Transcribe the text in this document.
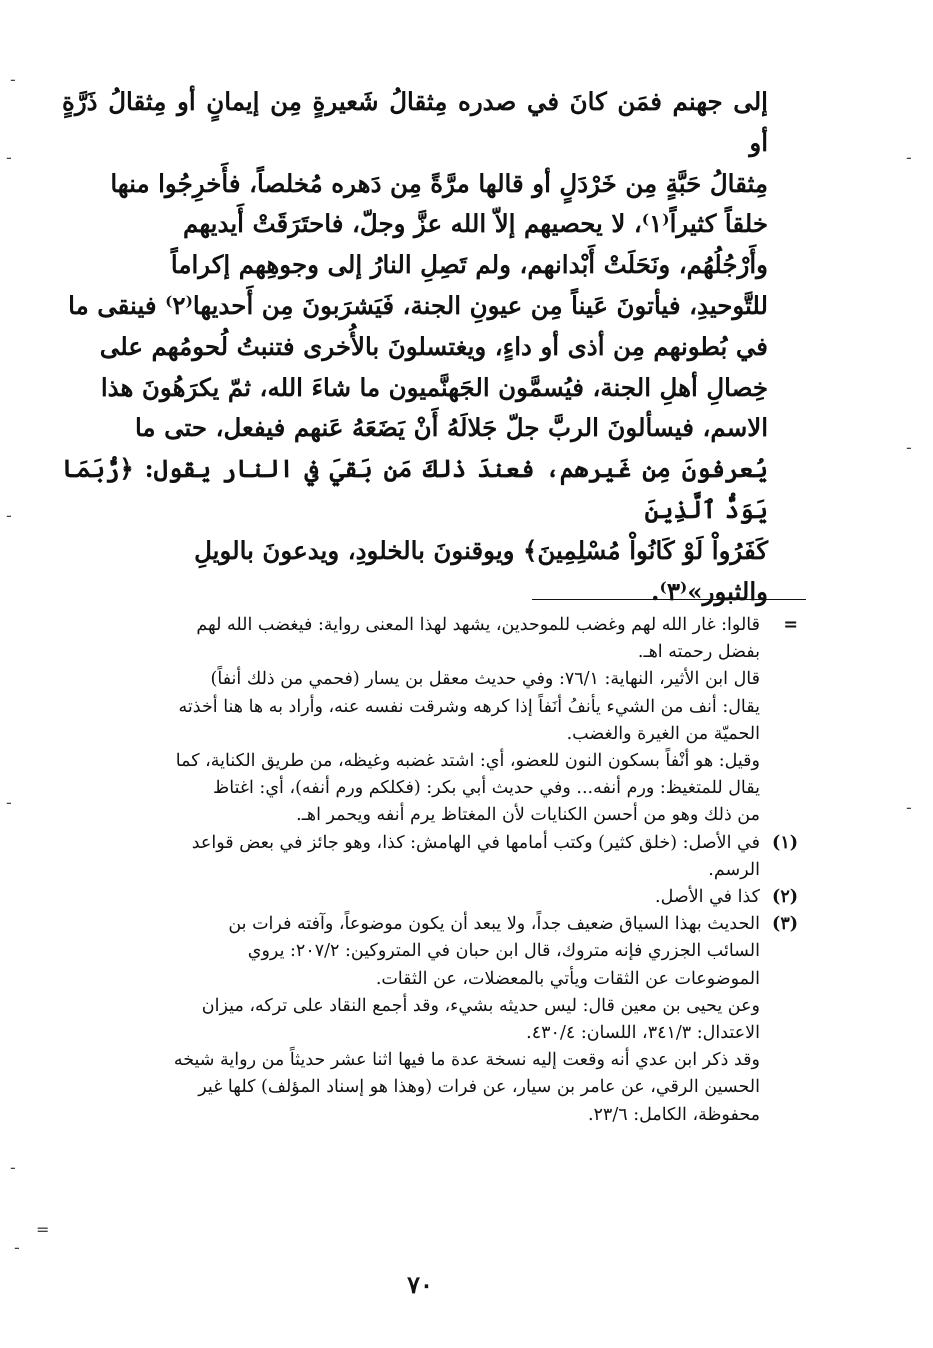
إلى جهنم فمَن كانَ في صدره مِثقالُ شَعيرةٍ مِن إيمانٍ أو مِثقالُ ذَرَّةٍ أو

مِثقالُ حَبَّةٍ مِن خَرْدَلٍ أو قالها مرَّةً مِن دَهره مُخلصاً، فأَخرِجُوا منها

خلقاً كثيراً⁽١⁾، لا يحصيهم إلاّ الله عزَّ وجلّ، فاحتَرَقَتْ أَيديهم

وأَرْجُلُهُم، ونَحَلَتْ أَبْدانهم، ولم تَصِلِ النارُ إلى وجوهِهم إكراماً

للتَّوحيدِ، فيأتونَ عَيناً مِن عيونِ الجنة، فَيَشرَبونَ مِن أَحديها⁽٢⁾ فينقى ما

في بُطونهم مِن أذى أو داءٍ، ويغتسلونَ بالأُخرى فتنبتُ لُحومُهم على

خِصالِ أهلِ الجنة، فيُسمَّون الجَهنَّميون ما شاءَ الله، ثمّ يكرَهُونَ هذا

الاسم، فيسألونَ الربَّ جلّ جَلالَهُ أَنْ يَضَعَهُ عَنهم فيفعل، حتى ما

يُعرفونَ مِن غَيرهم، فعندَ ذلكَ مَن بَقيَ في النار يقول: ﴿رُّبَمَا يَوَدُّ ٱلَّذِينَ

كَفَرُواْ لَوْ كَانُواْ مُسْلِمِينَ﴾ ويوقنونَ بالخلودِ، ويدعونَ بالويلِ

والثبور»⁽٣⁾.

=
قالوا: غار الله لهم وغضب للموحدين، يشهد لهذا المعنى رواية: فيغضب الله لهم
بفضل رحمته اهـ.
قال ابن الأثير، النهاية: ٧٦/١: وفي حديث معقل بن يسار (فحمي من ذلك أنفاً)
يقال: أنف من الشيء يأنفُ أنَفاً إذا كرهه وشرقت نفسه عنه، وأراد به ها هنا أخذته
الحميّة من الغيرة والغضب.
وقيل: هو أنْفاً بسكون النون للعضو، أي: اشتد غضبه وغيظه، من طريق الكناية، كما
يقال للمتغيظ: ورم أنفه... وفي حديث أبي بكر: (فكلكم ورم أنفه)، أي: اغتاظ
من ذلك وهو من أحسن الكنايات لأن المغتاظ يرم أنفه ويحمر اهـ.
(١)
في الأصل: (خلق كثير) وكتب أمامها في الهامش: كذا، وهو جائز في بعض قواعد
الرسم.
(٢)
كذا في الأصل.
(٣)
الحديث بهذا السياق ضعيف جداً، ولا يبعد أن يكون موضوعاً، وآفته فرات بن
السائب الجزري فإنه متروك، قال ابن حبان في المتروكين: ٢٠٧/٢: يروي
الموضوعات عن الثقات ويأتي بالمعضلات، عن الثقات.
وعن يحيى بن معين قال: ليس حديثه بشيء، وقد أجمع النقاد على تركه، ميزان
الاعتدال: ٣٤١/٣، اللسان: ٤٣٠/٤.
وقد ذكر ابن عدي أنه وقعت إليه نسخة عدة ما فيها اثنا عشر حديثاً من رواية شيخه
الحسين الرقي، عن عامر بن سيار، عن فرات (وهذا هو إسناد المؤلف) كلها غير
محفوظة، الكامل: ٢٣/٦.
٧٠
-
-	-
-
-
-	-
-
=
-
